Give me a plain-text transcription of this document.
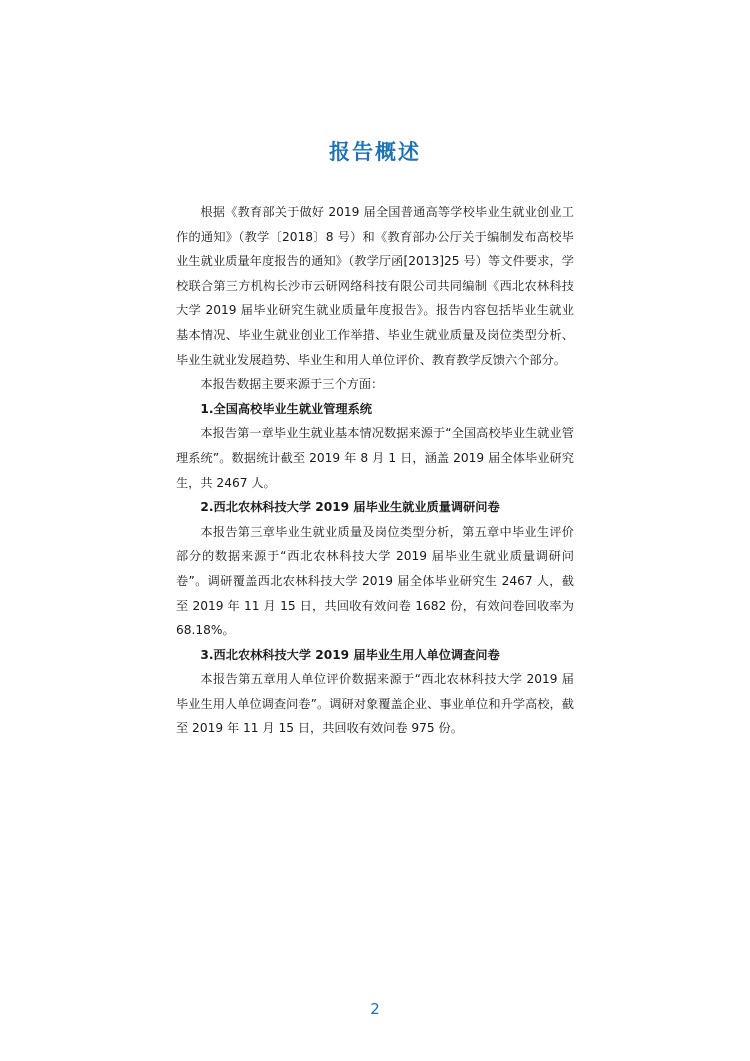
报告概述

根据《教育部关于做好 2019 届全国普通高等学校毕业生就业创业工作的通知》（教学〔2018〕8 号）和《教育部办公厅关于编制发布高校毕业生就业质量年度报告的通知》（教学厅函[2013]25 号）等文件要求，学校联合第三方机构长沙市云研网络科技有限公司共同编制《西北农林科技大学 2019 届毕业研究生就业质量年度报告》。报告内容包括毕业生就业基本情况、毕业生就业创业工作举措、毕业生就业质量及岗位类型分析、毕业生就业发展趋势、毕业生和用人单位评价、教育教学反馈六个部分。

本报告数据主要来源于三个方面：

1.全国高校毕业生就业管理系统

本报告第一章毕业生就业基本情况数据来源于“全国高校毕业生就业管理系统”。数据统计截至 2019 年 8 月 1 日，涵盖 2019 届全体毕业研究生，共 2467 人。

2.西北农林科技大学 2019 届毕业生就业质量调研问卷

本报告第三章毕业生就业质量及岗位类型分析，第五章中毕业生评价部分的数据来源于“西北农林科技大学 2019 届毕业生就业质量调研问卷”。调研覆盖西北农林科技大学 2019 届全体毕业研究生 2467 人，截至 2019 年 11 月 15 日，共回收有效问卷 1682 份，有效问卷回收率为 68.18%。

3.西北农林科技大学 2019 届毕业生用人单位调查问卷

本报告第五章用人单位评价数据来源于“西北农林科技大学 2019 届毕业生用人单位调查问卷”。调研对象覆盖企业、事业单位和升学高校，截至 2019 年 11 月 15 日，共回收有效问卷 975 份。

2
